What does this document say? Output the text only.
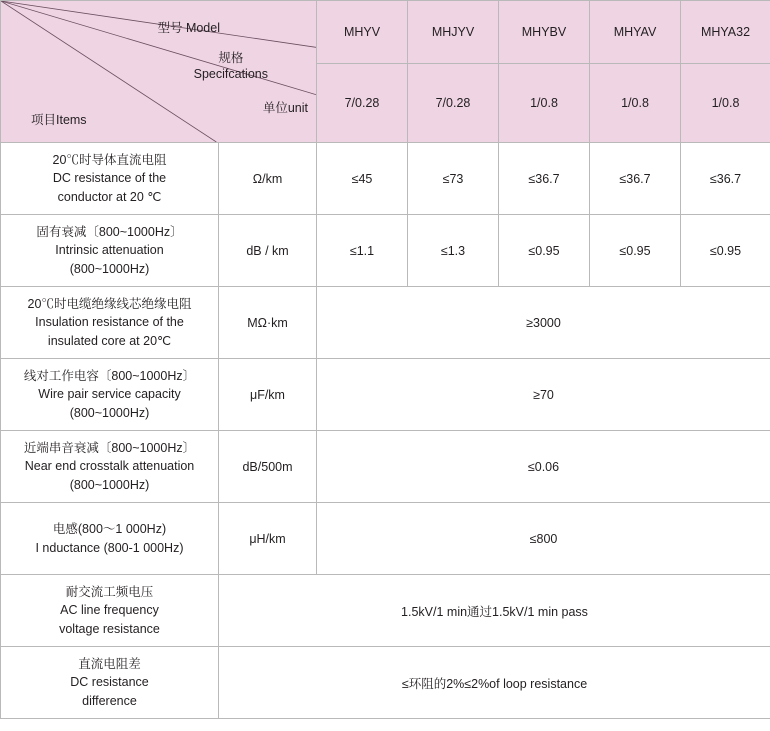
型号 Model
规格
Specifcations
单位unit
项目Items		MHYV	MHJYV	MHYBV	MHYAV	MHYA32
		7/0.28	7/0.28	1/0.8	1/0.8	1/0.8

20℃时导体直流电阻
DC resistance of the
conductor at 20 ℃	Ω/km	≤45	≤73	≤36.7	≤36.7	≤36.7

固有衰减〔800~1000Hz〕
Intrinsic attenuation
(800~1000Hz)	dB / km	≤1.1	≤1.3	≤0.95	≤0.95	≤0.95

20℃时电缆绝缘线芯绝缘电阻
Insulation resistance of the
insulated core at 20℃	MΩ·km	≥3000				

线对工作电容〔800~1000Hz〕
Wire pair service capacity
(800~1000Hz)	μF/km	≥70				

近端串音衰减〔800~1000Hz〕
Near end crosstalk attenuation
(800~1000Hz)	dB/500m	≤0.06				

电感(800～1 000Hz)
I nductance (800-1 000Hz)	μH/km	≤800				

耐交流工频电压
AC line frequency
voltage resistance	1.5kV/1 min通过1.5kV/1 min pass					

直流电阻差
DC resistance
difference	≤环阻的2%≤2%of loop resistance					
